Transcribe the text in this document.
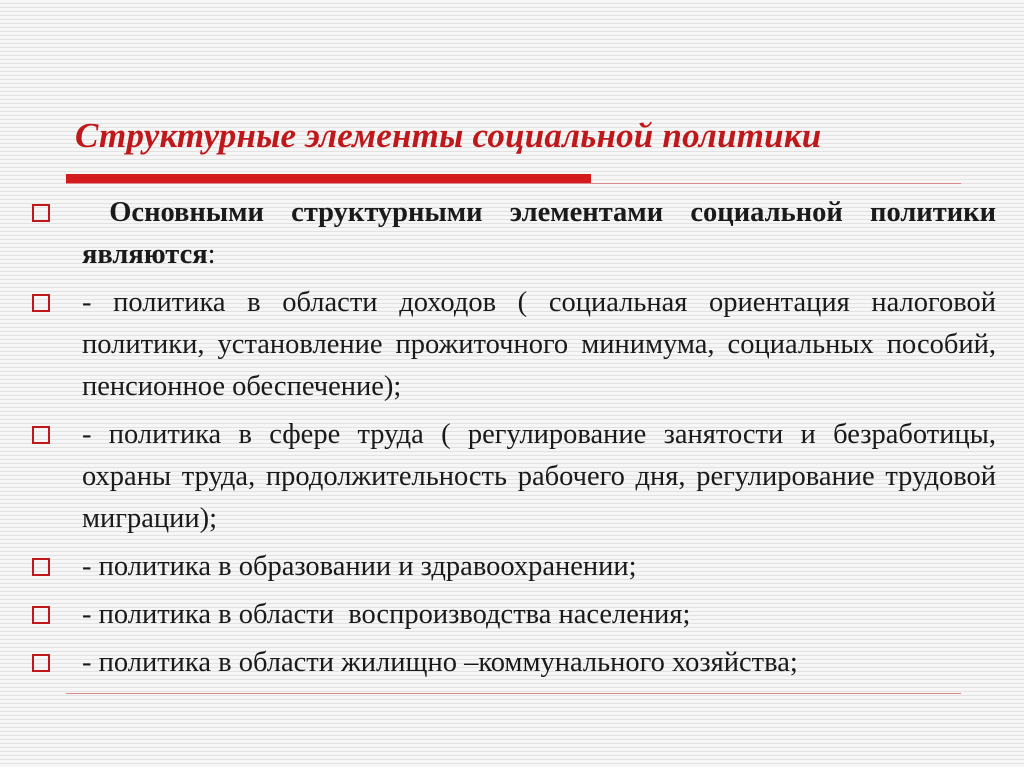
Структурные элементы социальной политики
Основными структурными элементами социальной политики являются:
- политика в области доходов ( социальная ориентация налоговой политики, установление прожиточного минимума, социальных пособий, пенсионное обеспечение);
- политика в сфере труда ( регулирование занятости и безработицы, охраны труда, продолжительность рабочего дня, регулирование трудовой миграции);
- политика в образовании и здравоохранении;
- политика в области  воспроизводства населения;
- политика в области жилищно –коммунального хозяйства;
